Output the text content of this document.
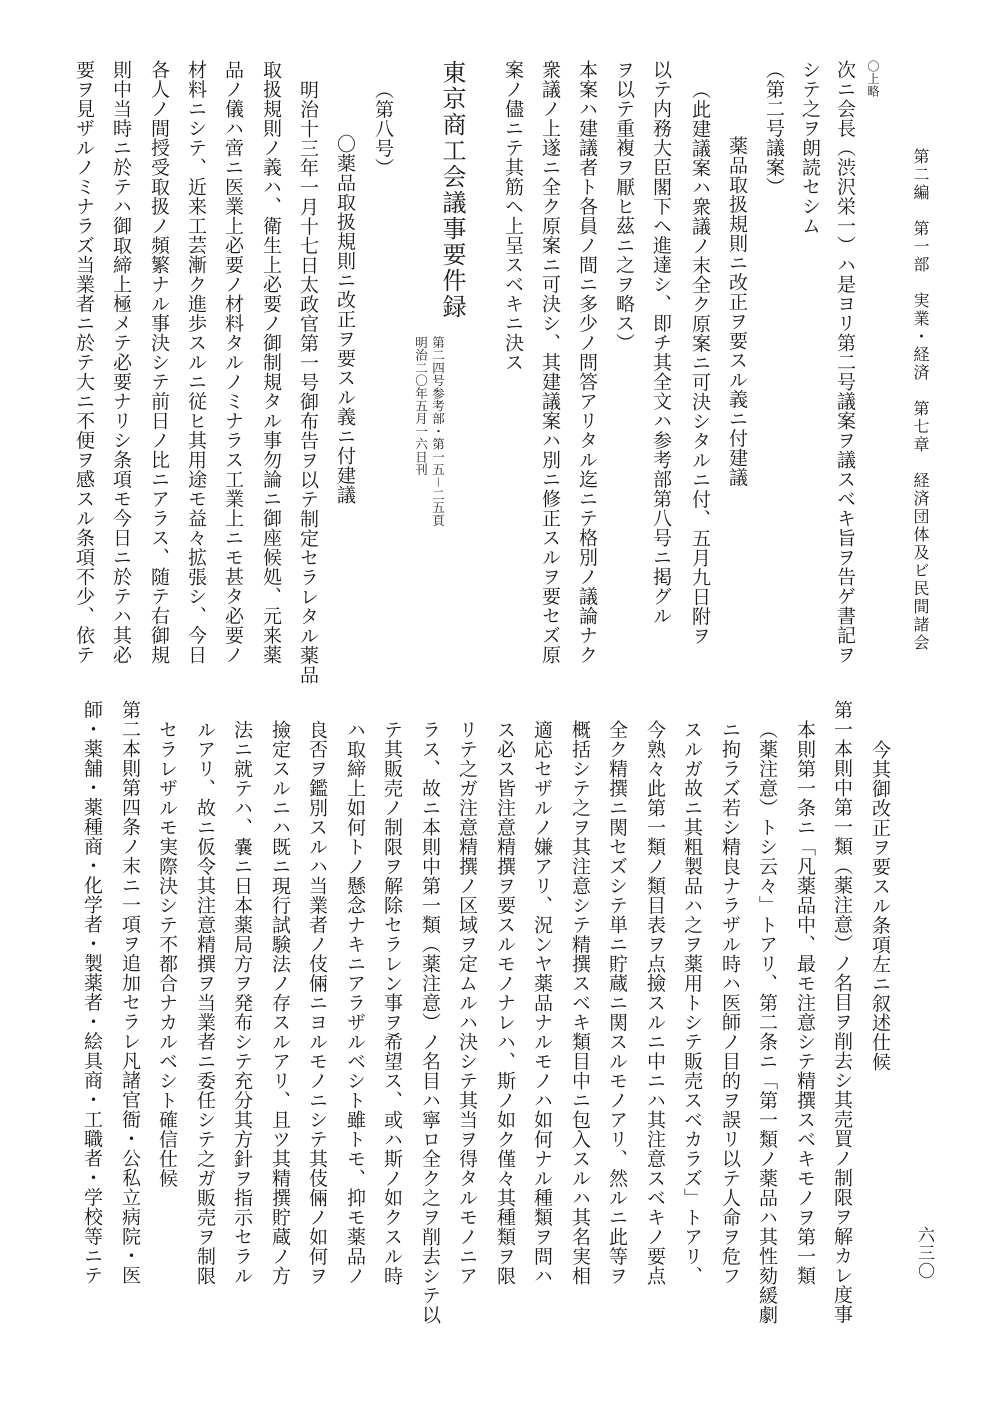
第二編　第一部　実業・経済　第七章　経済団体及ビ民間諸会
六三〇
〇上略
次ニ会長（渋沢栄一）ハ是ヨリ第二号議案ヲ議スベキ旨ヲ告ゲ書記ヲ
シテ之ヲ朗読セシム
（第二号議案）
薬品取扱規則ニ改正ヲ要スル義ニ付建議
（此建議案ハ衆議ノ末全ク原案ニ可決シタルニ付、五月九日附ヲ
以テ内務大臣閣下ヘ進達シ、即チ其全文ハ参考部第八号ニ掲グル
ヲ以テ重複ヲ厭ヒ茲ニ之ヲ略ス）
本案ハ建議者ト各員ノ間ニ多少ノ問答アリタル迄ニテ格別ノ議論ナク
衆議ノ上遂ニ全ク原案ニ可決シ、其建議案ハ別ニ修正スルヲ要セズ原
案ノ儘ニテ其筋ヘ上呈スベキニ決ス
東京商工会議事要件録
第二四号参考部・第一五－二五頁
明治二〇年五月一六日刊
（第八号）
〇薬品取扱規則ニ改正ヲ要スル義ニ付建議
明治十三年一月十七日太政官第一号御布告ヲ以テ制定セラレタル薬品
取扱規則ノ義ハ、衛生上必要ノ御制規タル事勿論ニ御座候処、元来薬
品ノ儀ハ啻ニ医業上必要ノ材料タルノミナラス工業上ニモ甚タ必要ノ
材料ニシテ、近来工芸漸ク進歩スルニ従ヒ其用途モ益々拡張シ、今日
各人ノ間授受取扱ノ頻繁ナル事決シテ前日ノ比ニアラス、随テ右御規
則中当時ニ於テハ御取締上極メテ必要ナリシ条項モ今日ニ於テハ其必
要ヲ見ザルノミナラズ当業者ニ於テ大ニ不便ヲ感スル条項不少、依テ
今其御改正ヲ要スル条項左ニ叙述仕候
第一本則中第一類（薬注意）ノ名目ヲ削去シ其売買ノ制限ヲ解カレ度事
本則第一条ニ「凡薬品中、最モ注意シテ精撰スベキモノヲ第一類
（薬注意）トシ云々」トアリ、第二条ニ「第一類ノ薬品ハ其性劾緩劇
ニ拘ラズ若シ精良ナラザル時ハ医師ノ目的ヲ誤リ以テ人命ヲ危フ
スルガ故ニ其粗製品ハ之ヲ薬用トシテ販売スベカラズ」トアリ、
今熟々此第一類ノ類目表ヲ点撿スルニ中ニハ其注意スベキノ要点
全ク精撰ニ関セズシテ単ニ貯蔵ニ関スルモノアリ、然ルニ此等ヲ
概括シテ之ヲ其注意シテ精撰スベキ類目中ニ包入スルハ其名実相
適応セザルノ嫌アリ、況ンヤ薬品ナルモノハ如何ナル種類ヲ問ハ
ス必ス皆注意精撰ヲ要スルモノナレハ、斯ノ如ク僅々其種類ヲ限
リテ之ガ注意精撰ノ区域ヲ定ムルハ決シテ其当ヲ得タルモノニア
ラス、故ニ本則中第一類（薬注意）ノ名目ハ寧ロ全ク之ヲ削去シテ以
テ其販売ノ制限ヲ解除セラレン事ヲ希望ス、或ハ斯ノ如クスル時
ハ取締上如何トノ懸念ナキニアラザルベシト雖トモ、抑モ薬品ノ
良否ヲ鑑別スルハ当業者ノ伎倆ニヨルモノニシテ其伎倆ノ如何ヲ
撿定スルニハ既ニ現行試験法ノ存スルアリ、且ツ其精撰貯蔵ノ方
法ニ就テハ、嚢ニ日本薬局方ヲ発布シテ充分其方針ヲ指示セラル
ルアリ、故ニ仮令其注意精撰ヲ当業者ニ委任シテ之ガ販売ヲ制限
セラレザルモ実際決シテ不都合ナカルベシト確信仕候
第二本則第四条ノ末ニ一項ヲ追加セラレ凡諸官衙・公私立病院・医
師・薬舗・薬種商・化学者・製薬者・絵具商・工職者・学校等ニテ
